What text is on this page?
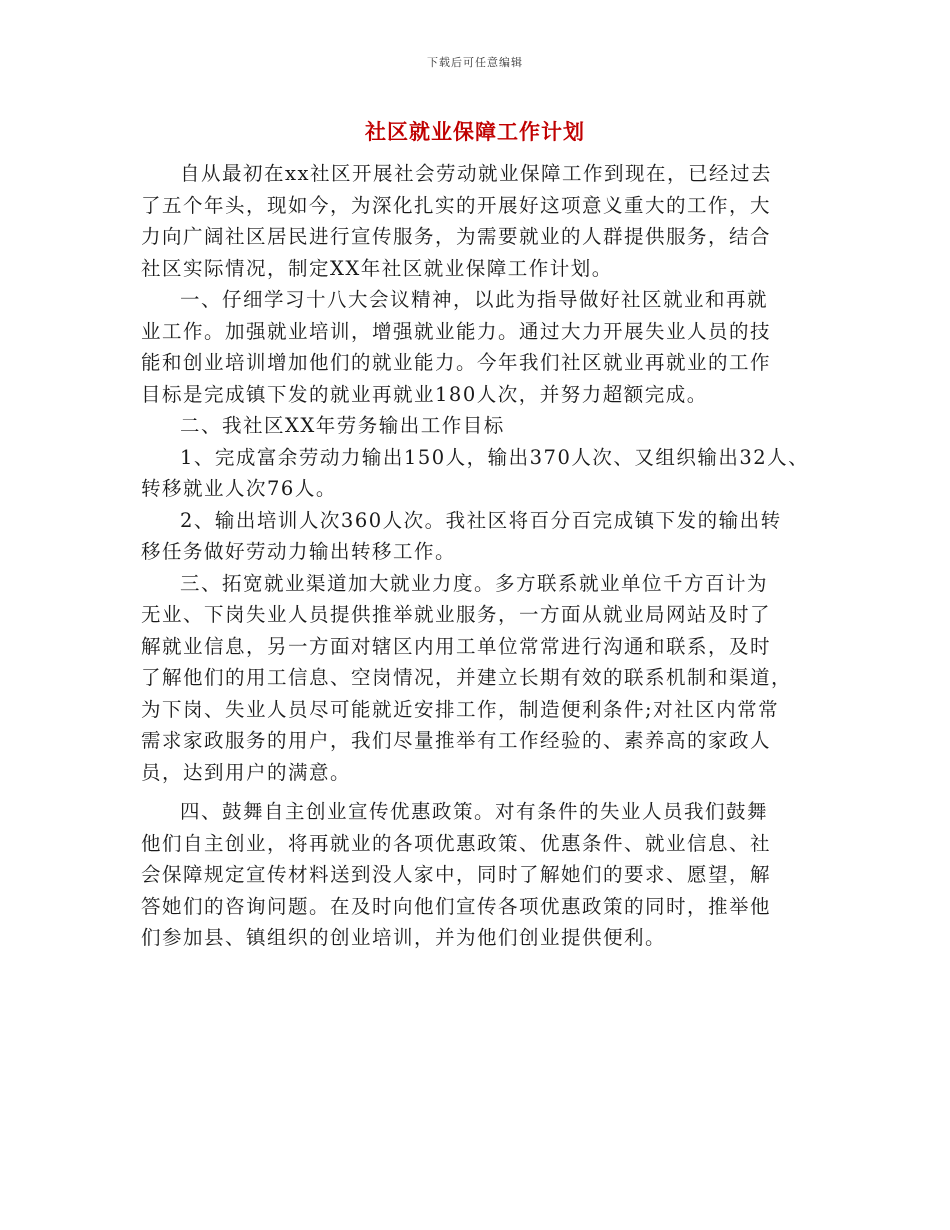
下载后可任意编辑
社区就业保障工作计划

自从最初在xx社区开展社会劳动就业保障工作到现在，已经过去
了五个年头，现如今，为深化扎实的开展好这项意义重大的工作，大
力向广阔社区居民进行宣传服务，为需要就业的人群提供服务，结合
社区实际情况，制定XX年社区就业保障工作计划。

一、仔细学习十八大会议精神，以此为指导做好社区就业和再就
业工作。加强就业培训，增强就业能力。通过大力开展失业人员的技
能和创业培训增加他们的就业能力。今年我们社区就业再就业的工作
目标是完成镇下发的就业再就业180人次，并努力超额完成。

二、我社区XX年劳务输出工作目标

1、完成富余劳动力输出150人，输出370人次、又组织输出32人、
转移就业人次76人。

2、输出培训人次360人次。我社区将百分百完成镇下发的输出转
移任务做好劳动力输出转移工作。

三、拓宽就业渠道加大就业力度。多方联系就业单位千方百计为
无业、下岗失业人员提供推举就业服务，一方面从就业局网站及时了
解就业信息，另一方面对辖区内用工单位常常进行沟通和联系，及时
了解他们的用工信息、空岗情况，并建立长期有效的联系机制和渠道，
为下岗、失业人员尽可能就近安排工作，制造便利条件;对社区内常常
需求家政服务的用户，我们尽量推举有工作经验的、素养高的家政人
员，达到用户的满意。

四、鼓舞自主创业宣传优惠政策。对有条件的失业人员我们鼓舞
他们自主创业，将再就业的各项优惠政策、优惠条件、就业信息、社
会保障规定宣传材料送到没人家中，同时了解她们的要求、愿望，解
答她们的咨询问题。在及时向他们宣传各项优惠政策的同时，推举他
们参加县、镇组织的创业培训，并为他们创业提供便利。
